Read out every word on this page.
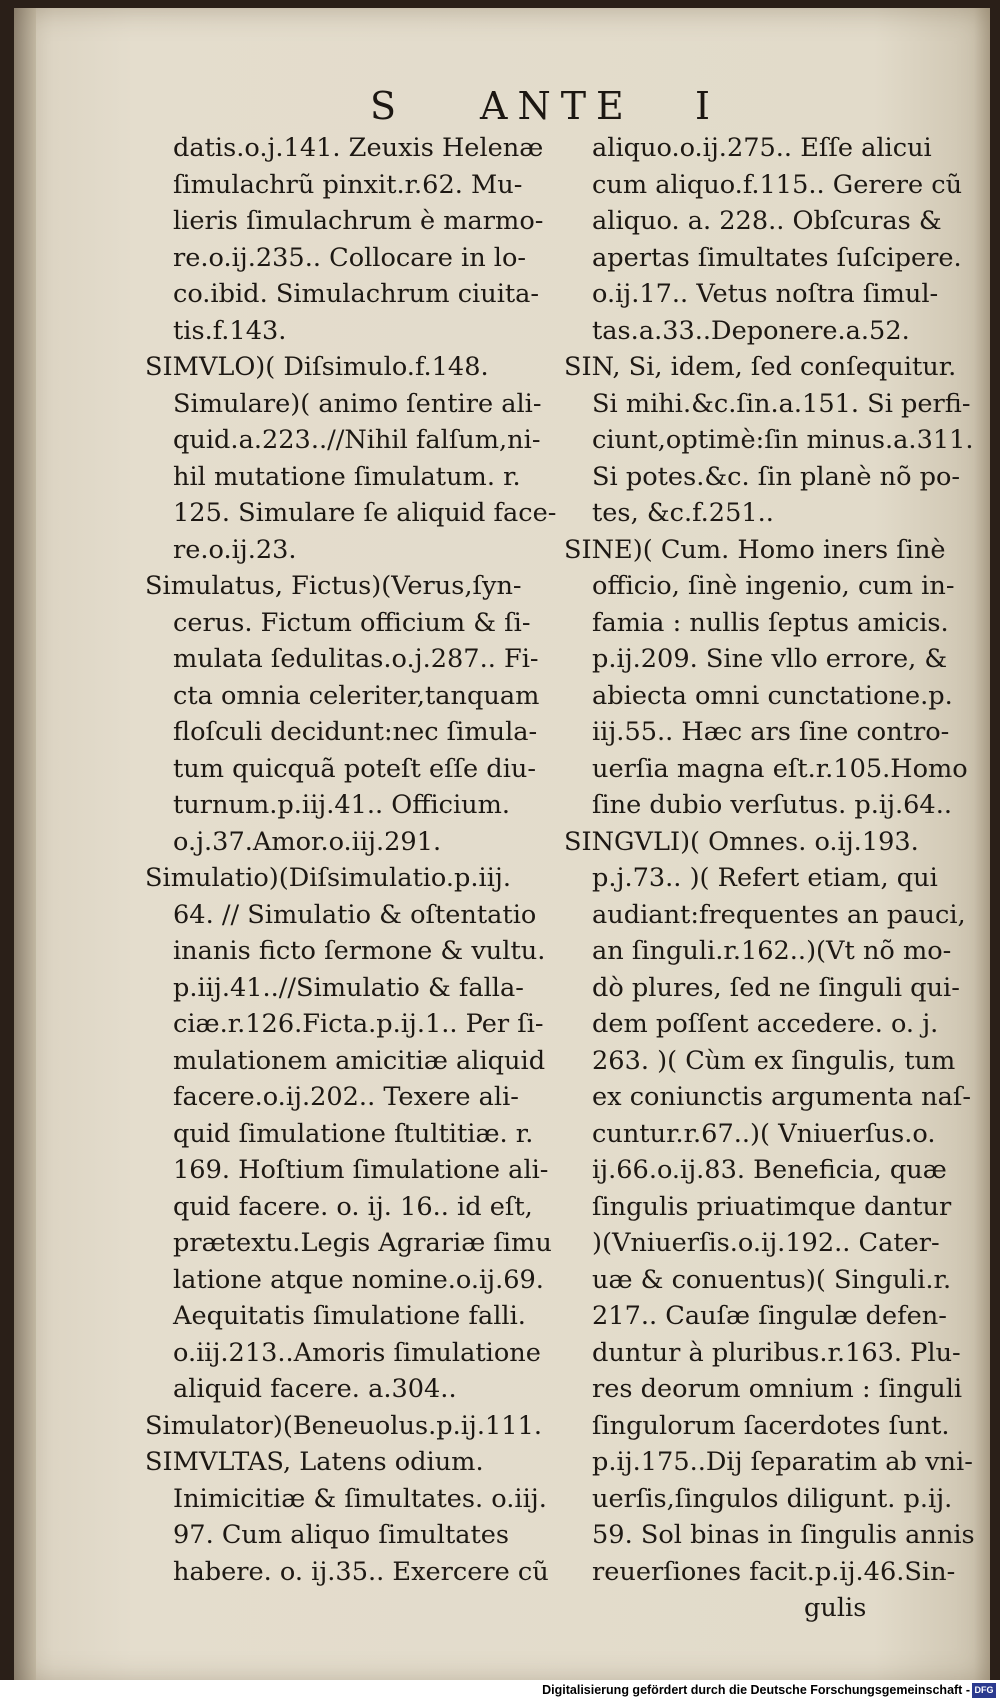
S ANTE I
datis.o.j.141. Zeuxis Helenæ
ſimulachrũ pinxit.r.62. Mu-
lieris ſimulachrum è marmo-
re.o.ij.235.. Collocare in lo-
co.ibid. Simulachrum ciuita-
tis.f.143.
SIMVLO)( Diſsimulo.f.148.
Simulare)( animo ſentire ali-
quid.a.223..//Nihil falſum,ni-
hil mutatione ſimulatum. r.
125. Simulare ſe aliquid face-
re.o.ij.23.
Simulatus, Fictus)(Verus,ſyn-
cerus. Fictum officium & ſi-
mulata ſedulitas.o.j.287.. Fi-
cta omnia celeriter,tanquam
floſculi decidunt:nec ſimula-
tum quicquã poteſt eſſe diu-
turnum.p.iij.41.. Officium.
o.j.37.Amor.o.iij.291.
Simulatio)(Diſsimulatio.p.iij.
64. // Simulatio & oſtentatio
inanis ficto ſermone & vultu.
p.iij.41..//Simulatio & falla-
ciæ.r.126.Ficta.p.ij.1.. Per ſi-
mulationem amicitiæ aliquid
facere.o.ij.202.. Texere ali-
quid ſimulatione ſtultitiæ. r.
169. Hoſtium ſimulatione ali-
quid facere. o. ij. 16.. id eſt,
prætextu.Legis Agrariæ ſimu
latione atque nomine.o.ij.69.
Aequitatis ſimulatione falli.
o.iij.213..Amoris ſimulatione
aliquid facere. a.304..
Simulator)(Beneuolus.p.ij.111.
SIMVLTAS, Latens odium.
Inimicitiæ & ſimultates. o.iij.
97. Cum aliquo ſimultates
habere. o. ij.35.. Exercere cũ
aliquo.o.ij.275.. Eſſe alicui
cum aliquo.f.115.. Gerere cũ
aliquo. a. 228.. Obſcuras &
apertas ſimultates ſuſcipere.
o.ij.17.. Vetus noſtra ſimul-
tas.a.33..Deponere.a.52.
SIN, Si, idem, ſed conſequitur.
Si mihi.&c.ſin.a.151. Si perfi-
ciunt,optimè:ſin minus.a.311.
Si potes.&c. ſin planè nõ po-
tes, &c.f.251..
SINE)( Cum. Homo iners ſinè
officio, ſinè ingenio, cum in-
famia : nullis ſeptus amicis.
p.ij.209. Sine vllo errore, &
abiecta omni cunctatione.p.
iij.55.. Hæc ars ſine contro-
uerſia magna eſt.r.105.Homo
ſine dubio verſutus. p.ij.64..
SINGVLI)( Omnes. o.ij.193.
p.j.73.. )( Refert etiam, qui
audiant:frequentes an pauci,
an ſinguli.r.162..)(Vt nõ mo-
dò plures, ſed ne ſinguli qui-
dem poſſent accedere. o. j.
263. )( Cùm ex ſingulis, tum
ex coniunctis argumenta naſ-
cuntur.r.67..)( Vniuerſus.o.
ij.66.o.ij.83. Beneficia, quæ
ſingulis priuatimque dantur
)(Vniuerſis.o.ij.192.. Cater-
uæ & conuentus)( Singuli.r.
217.. Cauſæ ſingulæ defen-
duntur à pluribus.r.163. Plu-
res deorum omnium : ſinguli
ſingulorum ſacerdotes ſunt.
p.ij.175..Dij ſeparatim ab vni-
uerſis,ſingulos diligunt. p.ij.
59. Sol binas in ſingulis annis
reuerſiones facit.p.ij.46.Sin-
gulis
Digitalisierung gefördert durch die Deutsche Forschungsgemeinschaft - DFG
